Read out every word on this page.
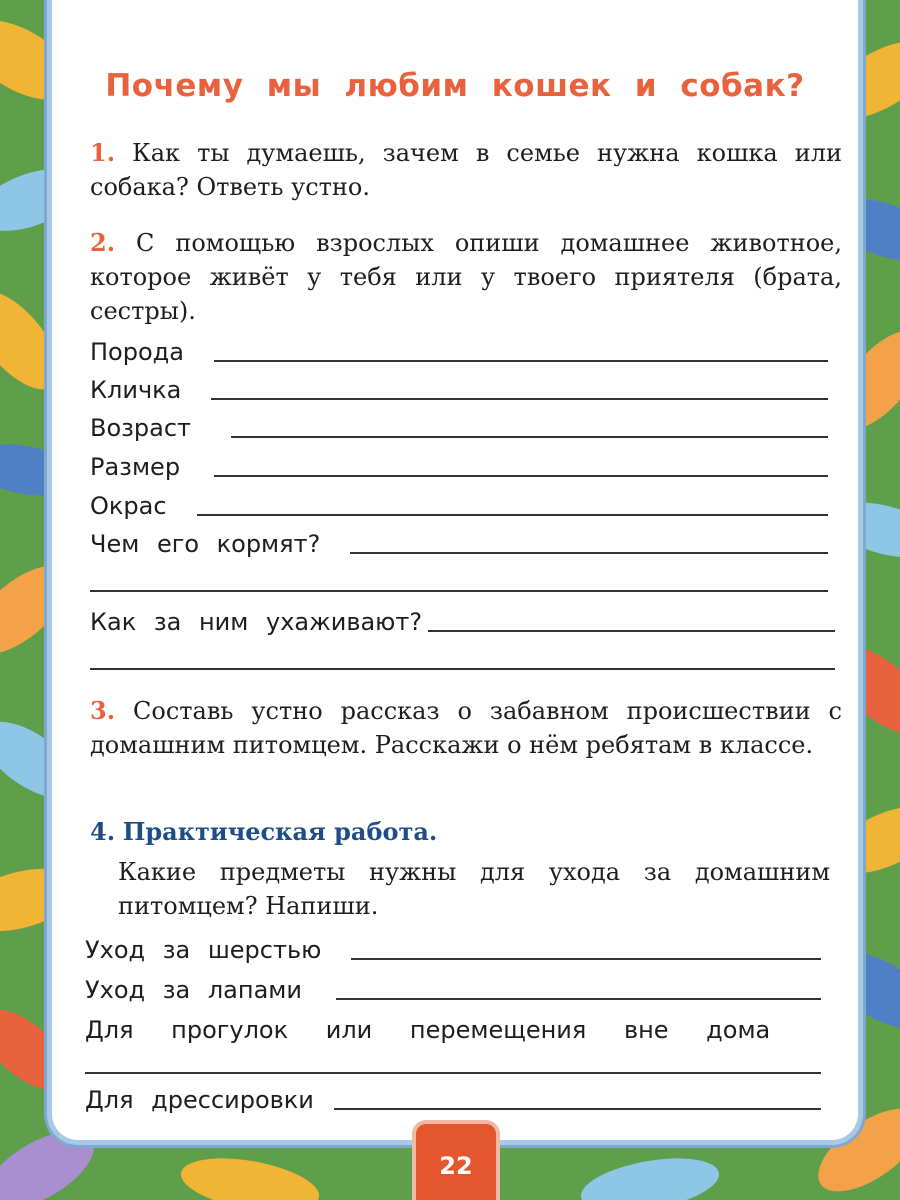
Почему мы любим кошек и собак?
1. Как ты думаешь, зачем в семье нужна кошка или собака? Ответь устно.
2. С помощью взрослых опиши домашнее животное, которое живёт у тебя или у твоего приятеля (брата, сестры).
Порода
Кличка
Возраст
Размер
Окрас
Чем его кормят?
Как за ним ухаживают?
3. Составь устно рассказ о забавном происшествии с домашним питомцем. Расскажи о нём ребятам в классе.
4. Практическая работа.
Какие предметы нужны для ухода за домашним питомцем? Напиши.
Уход за шерстью
Уход за лапами
Для прогулок или перемещения вне дома
Для дрессировки
22
